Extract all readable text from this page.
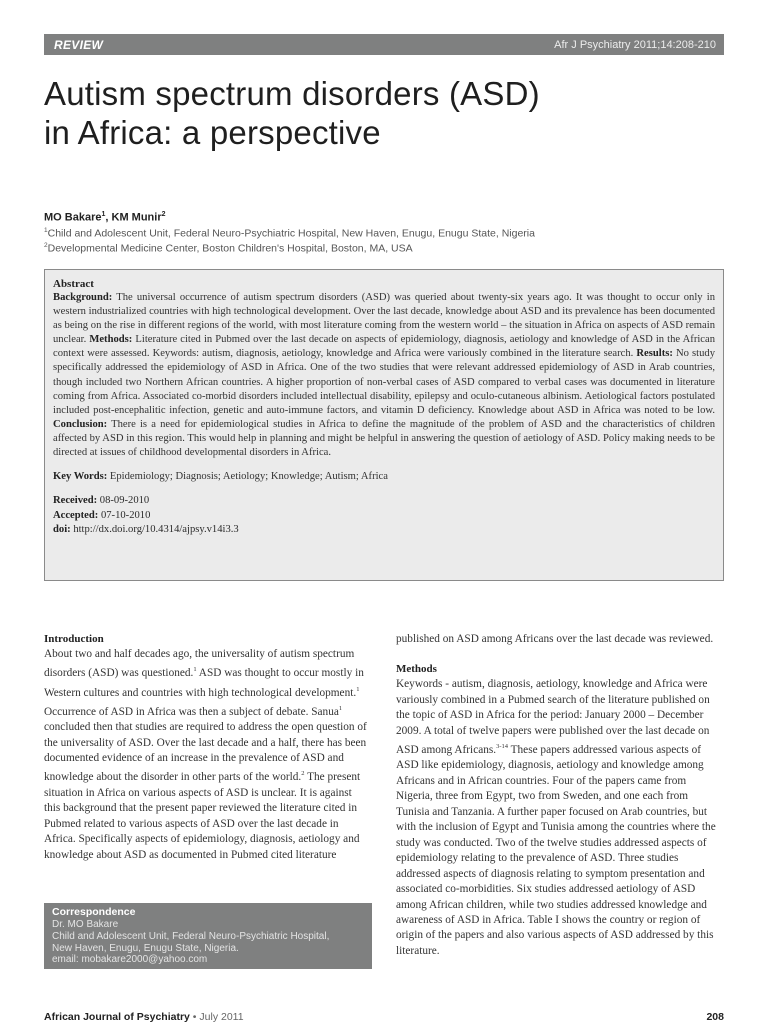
REVIEW	Afr J Psychiatry 2011;14:208-210
Autism spectrum disorders (ASD)
in Africa: a perspective
MO Bakare$^1$, KM Munir$^2$
$^1$Child and Adolescent Unit, Federal Neuro-Psychiatric Hospital, New Haven, Enugu, Enugu State, Nigeria
$^2$Developmental Medicine Center, Boston Children's Hospital, Boston, MA, USA
Abstract

Background: The universal occurrence of autism spectrum disorders (ASD) was queried about twenty-six years ago. It was thought to occur only in western industrialized countries with high technological development. Over the last decade, knowledge about ASD and its prevalence has been documented as being on the rise in different regions of the world, with most literature coming from the western world – the situation in Africa on aspects of ASD remain unclear. Methods: Literature cited in Pubmed over the last decade on aspects of epidemiology, diagnosis, aetiology and knowledge of ASD in the African context were assessed. Keywords: autism, diagnosis, aetiology, knowledge and Africa were variously combined in the literature search. Results: No study specifically addressed the epidemiology of ASD in Africa. One of the two studies that were relevant addressed epidemiology of ASD in Arab countries, though included two Northern African countries. A higher proportion of non-verbal cases of ASD compared to verbal cases was documented in literature coming from Africa. Associated co-morbid disorders included intellectual disability, epilepsy and oculo-cutaneous albinism. Aetiological factors postulated included post-encephalitic infection, genetic and auto-immune factors, and vitamin D deficiency. Knowledge about ASD in Africa was noted to be low. Conclusion: There is a need for epidemiological studies in Africa to define the magnitude of the problem of ASD and the characteristics of children affected by ASD in this region. This would help in planning and might be helpful in answering the question of aetiology of ASD. Policy making needs to be directed at issues of childhood developmental disorders in Africa.

Key Words: Epidemiology; Diagnosis; Aetiology; Knowledge; Autism; Africa

Received: 08-09-2010
Accepted: 07-10-2010
doi: http://dx.doi.org/10.4314/ajpsy.v14i3.3
Introduction

About two and half decades ago, the universality of autism spectrum disorders (ASD) was questioned.$^1$ ASD was thought to occur mostly in Western cultures and countries with high technological development.$^1$ Occurrence of ASD in Africa was then a subject of debate. Sanua$^1$ concluded then that studies are required to address the open question of the universality of ASD. Over the last decade and a half, there has been documented evidence of an increase in the prevalence of ASD and knowledge about the disorder in other parts of the world.$^2$ The present situation in Africa on various aspects of ASD is unclear. It is against this background that the present paper reviewed the literature cited in Pubmed related to various aspects of ASD over the last decade in Africa. Specifically aspects of epidemiology, diagnosis, aetiology and knowledge about ASD as documented in Pubmed cited literature

published on ASD among Africans over the last decade was reviewed.

Methods

Keywords - autism, diagnosis, aetiology, knowledge and Africa were variously combined in a Pubmed search of the literature published on the topic of ASD in Africa for the period: January 2000 – December 2009. A total of twelve papers were published over the last decade on ASD among Africans.$^{3-14}$ These papers addressed various aspects of ASD like epidemiology, diagnosis, aetiology and knowledge among Africans and in African countries. Four of the papers came from Nigeria, three from Egypt, two from Sweden, and one each from Tunisia and Tanzania. A further paper focused on Arab countries, but with the inclusion of Egypt and Tunisia among the countries where the study was conducted. Two of the twelve studies addressed aspects of epidemiology relating to the prevalence of ASD. Three studies addressed aspects of diagnosis relating to symptom presentation and associated co-morbidities. Six studies addressed aetiology of ASD among African children, while two studies addressed knowledge and awareness of ASD in Africa. Table I shows the country or region of origin of the papers and also various aspects of ASD addressed by this literature.

Correspondence
Dr. MO Bakare
Child and Adolescent Unit, Federal Neuro-Psychiatric Hospital,
New Haven, Enugu, Enugu State, Nigeria.
email: mobakare2000@yahoo.com
African Journal of Psychiatry • July 2011	208
